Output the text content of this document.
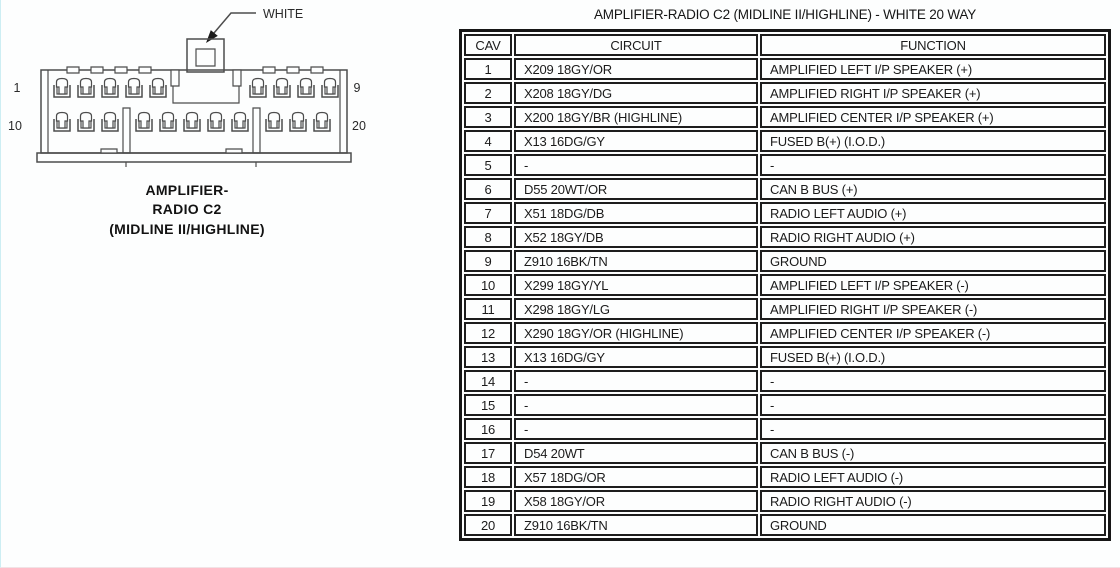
WHITE
1	9
10	20
AMPLIFIER-
RADIO C2
(MIDLINE II/HIGHLINE)
AMPLIFIER-RADIO C2 (MIDLINE II/HIGHLINE) - WHITE 20 WAY
CAV	CIRCUIT	FUNCTION
1	X209 18GY/OR	AMPLIFIED LEFT I/P SPEAKER (+)
2	X208 18GY/DG	AMPLIFIED RIGHT I/P SPEAKER (+)
3	X200 18GY/BR (HIGHLINE)	AMPLIFIED CENTER I/P SPEAKER (+)
4	X13 16DG/GY	FUSED B(+) (I.O.D.)
5	-	-
6	D55 20WT/OR	CAN B BUS (+)
7	X51 18DG/DB	RADIO LEFT AUDIO (+)
8	X52 18GY/DB	RADIO RIGHT AUDIO (+)
9	Z910 16BK/TN	GROUND
10	X299 18GY/YL	AMPLIFIED LEFT I/P SPEAKER (-)
11	X298 18GY/LG	AMPLIFIED RIGHT I/P SPEAKER (-)
12	X290 18GY/OR (HIGHLINE)	AMPLIFIED CENTER I/P SPEAKER (-)
13	X13 16DG/GY	FUSED B(+) (I.O.D.)
14	-	-
15	-	-
16	-	-
17	D54 20WT	CAN B BUS (-)
18	X57 18DG/OR	RADIO LEFT AUDIO (-)
19	X58 18GY/OR	RADIO RIGHT AUDIO (-)
20	Z910 16BK/TN	GROUND
